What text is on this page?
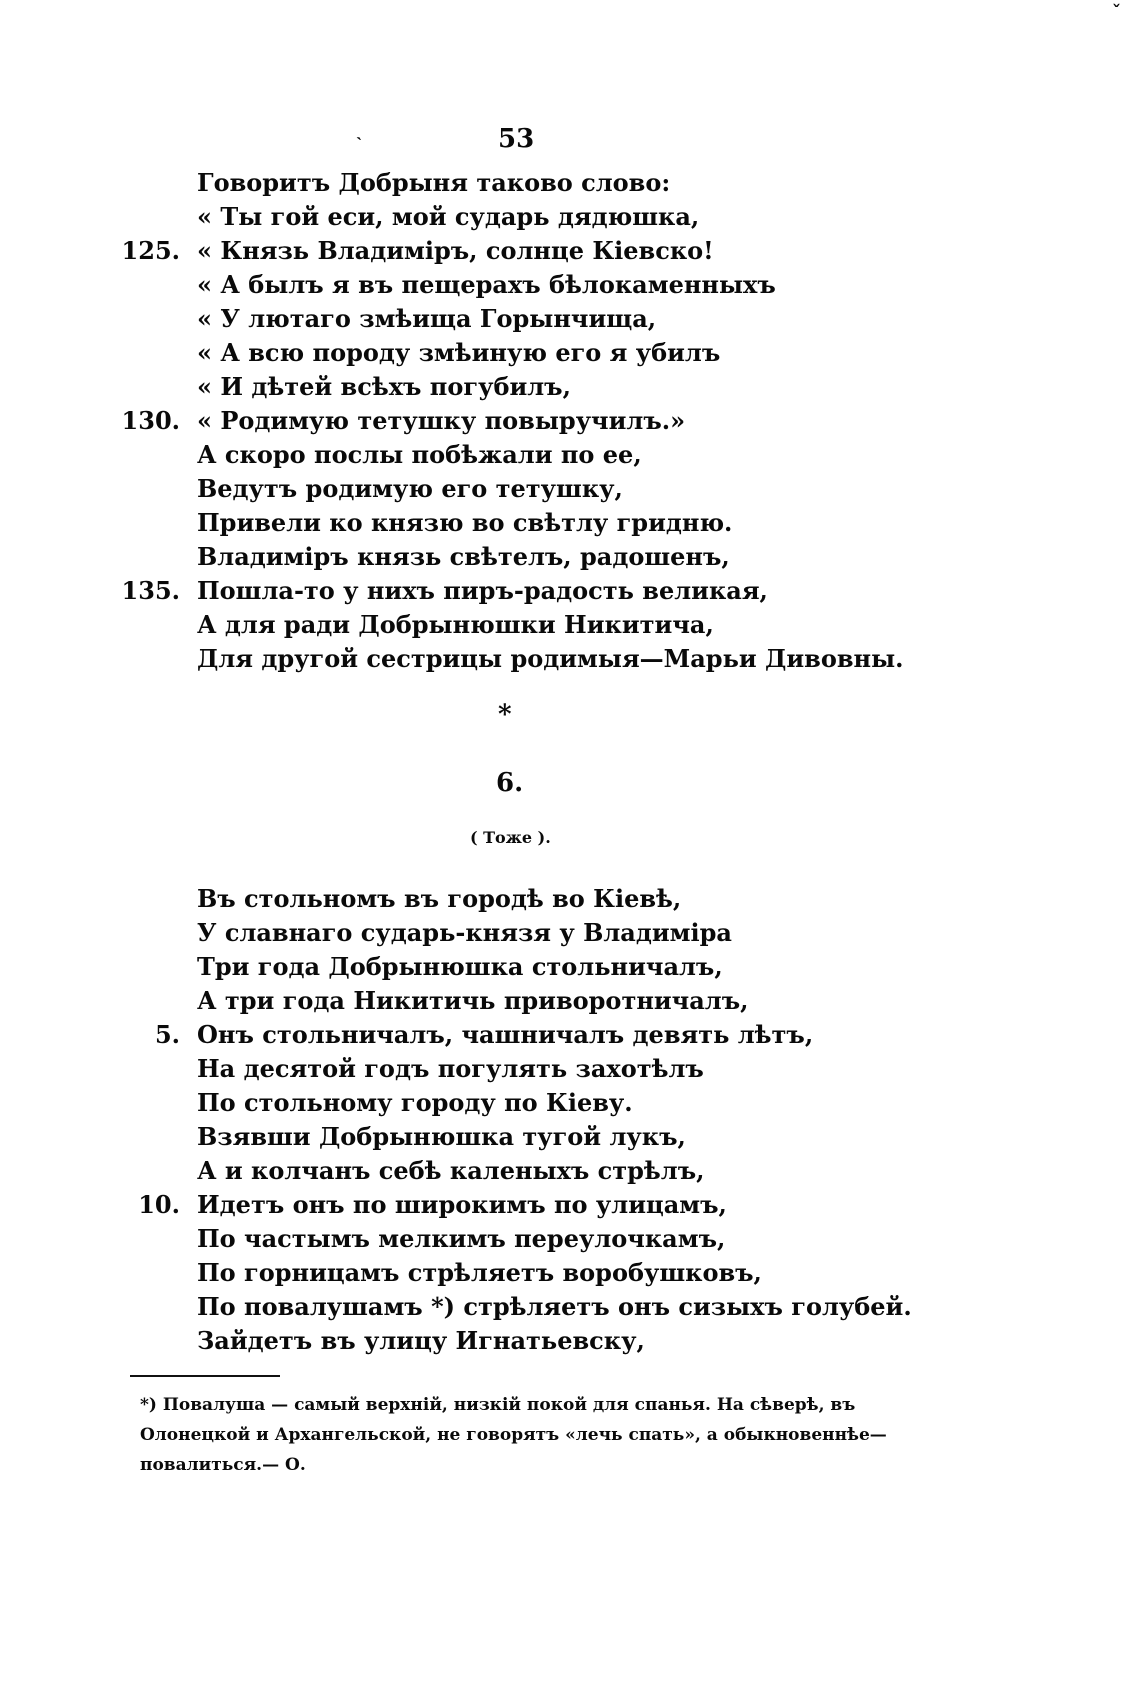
ˇ
ˎ	53
Говоритъ Добрыня таково слово:
« Ты гой еси, мой сударь дядюшка,
125. « Князь Владиміръ, солнце Кіевско!
« А былъ я въ пещерахъ бѣлокаменныхъ
« У лютаго змѣища Горынчища,
« А всю породу змѣиную его я убилъ
« И дѣтей всѣхъ погубилъ,
130. « Родимую тетушку повыручилъ.»
А скоро послы побѣжали по ее,
Ведутъ родимую его тетушку,
Привели ко князю во свѣтлу гридню.
Владиміръ князь свѣтелъ, радошенъ,
135. Пошла-то у нихъ пиръ-радость великая,
А для ради Добрынюшки Никитича,
Для другой сестрицы родимыя—Марьи Дивовны.
*
6.
( Тоже ).
Въ стольномъ въ городѣ во Кіевѣ,
У славнаго сударь-князя у Владиміра
Три года Добрынюшка стольничалъ,
А три года Никитичь приворотничалъ,
5. Онъ стольничалъ, чашничалъ девять лѣтъ,
На десятой годъ погулять захотѣлъ
По стольному городу по Кіеву.
Взявши Добрынюшка тугой лукъ,
А и колчанъ себѣ каленыхъ стрѣлъ,
10. Идетъ онъ по широкимъ по улицамъ,
По частымъ мелкимъ переулочкамъ,
По горницамъ стрѣляетъ воробушковъ,
По повалушамъ *) стрѣляетъ онъ сизыхъ голубей.
Зайдетъ въ улицу Игнатьевску,
*) Повалуша — самый верхній, низкій покой для спанья. На сѣверѣ, въ
Олонецкой и Архангельской, не говорятъ «лечь спать», а обыкновеннѣе—
повалиться.— О.
